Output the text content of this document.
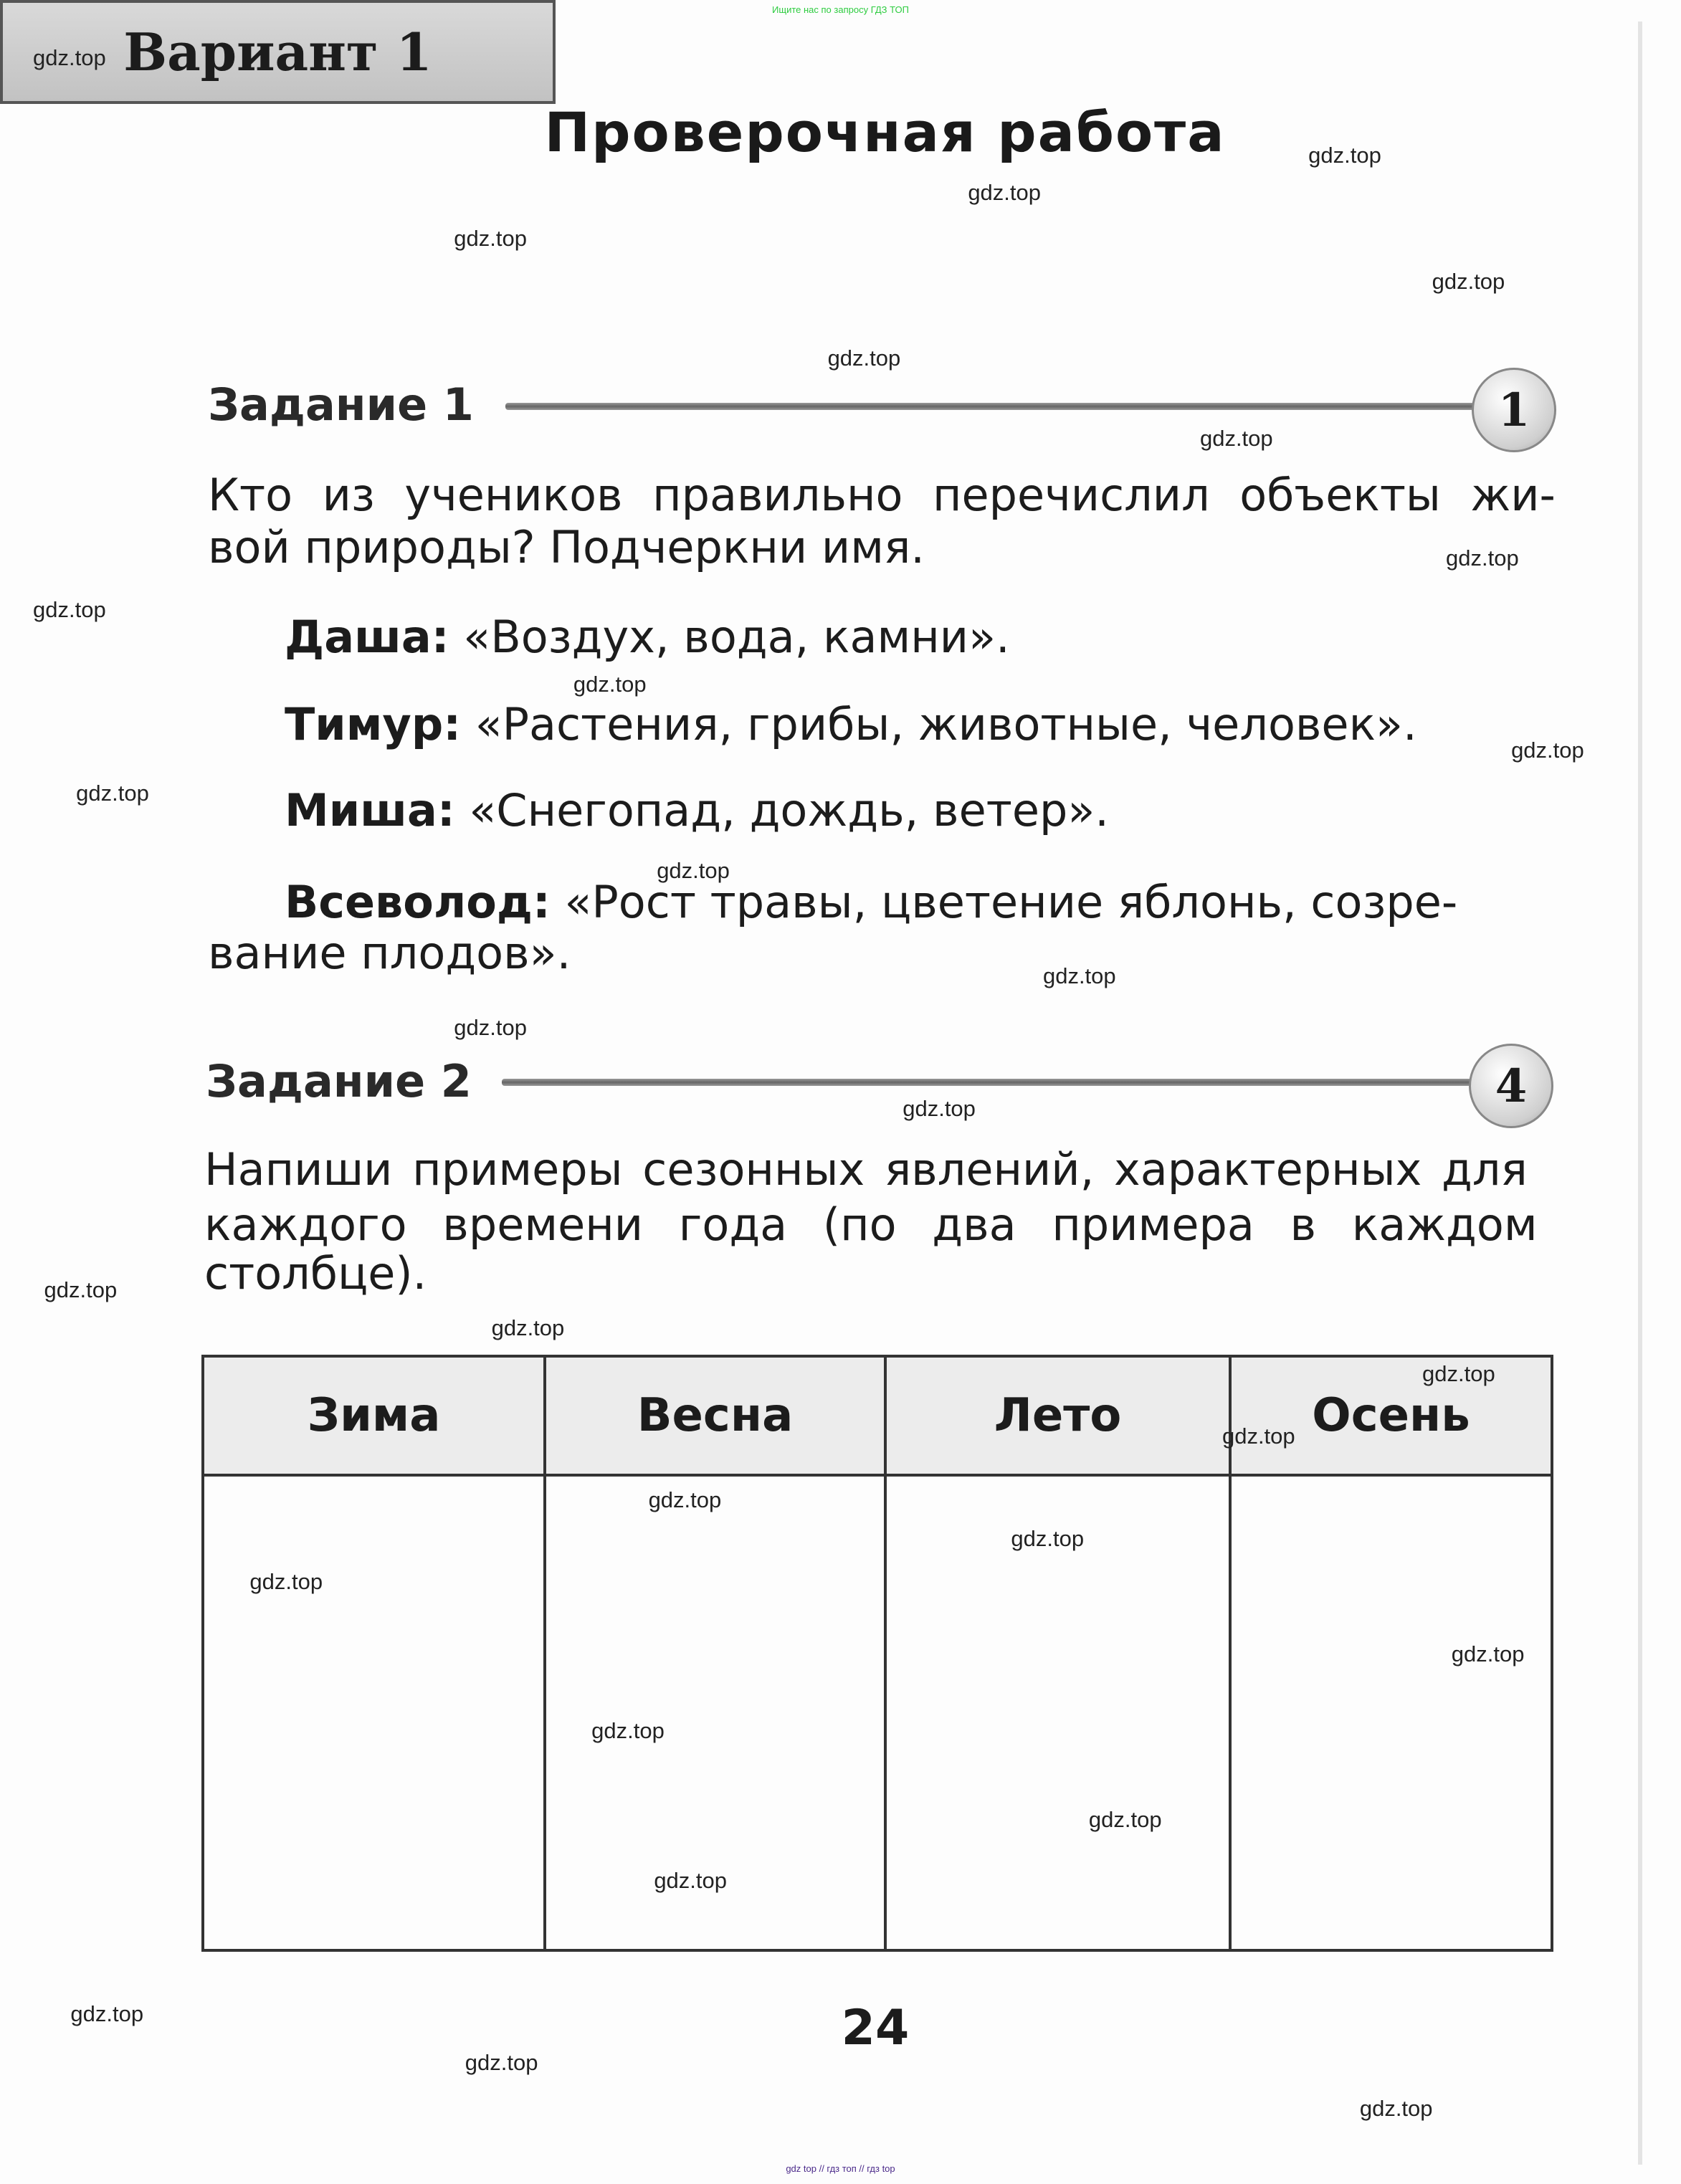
Ищите нас по запросу ГДЗ ТОП
Проверочная работа
Вариант 1
Задание 1	1
Кто из учеников правильно перечислил объекты жи-
вой природы? Подчеркни имя.
Даша: «Воздух, вода, камни».
Тимур: «Растения, грибы, животные, человек».
Миша: «Снегопад, дождь, ветер».
Всеволод: «Рост травы, цветение яблонь, созре-
вание плодов».
Задание 2	4
Напиши примеры сезонных явлений, характерных для
каждого времени года (по два примера в каждом
столбце).
Зима	Весна	Лето	Осень

24
gdz top // гдз топ // гдз top
gdz.top
gdz.top
gdz.top
gdz.top
gdz.top
gdz.top
gdz.top
gdz.top
gdz.top
gdz.top
gdz.top
gdz.top
gdz.top
gdz.top
gdz.top
gdz.top
gdz.top
gdz.top
gdz.top
gdz.top
gdz.top
gdz.top
gdz.top
gdz.top
gdz.top
gdz.top
gdz.top
gdz.top
gdz.top
gdz.top
